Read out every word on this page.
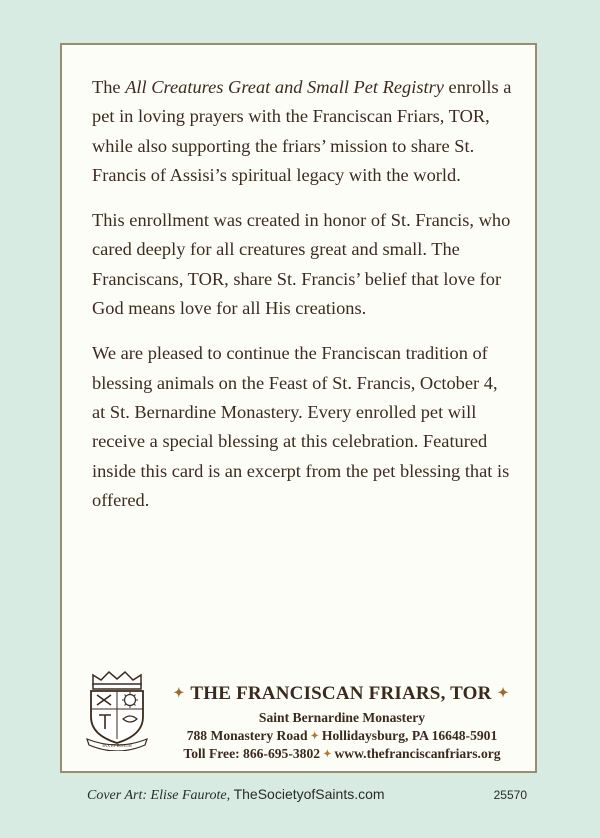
The All Creatures Great and Small Pet Registry enrolls a pet in loving prayers with the Franciscan Friars, TOR, while also supporting the friars’ mission to share St. Francis of Assisi’s spiritual legacy with the world.

This enrollment was created in honor of St. Francis, who cared deeply for all creatures great and small. The Franciscans, TOR, share St. Francis’ belief that love for God means love for all His creations.

We are pleased to continue the Franciscan tradition of blessing animals on the Feast of St. Francis, October 4, at St. Bernardine Monastery. Every enrolled pet will receive a special blessing at this celebration. Featured inside this card is an excerpt from the pet blessing that is offered.

PAX ET BONUM
✦ THE FRANCISCAN FRIARS, TOR ✦
Saint Bernardine Monastery
788 Monastery Road ✦ Hollidaysburg, PA 16648-5901
Toll Free: 866-695-3802 ✦ www.thefranciscanfriars.org
Cover Art: Elise Faurote, TheSocietyofSaints.com	25570
